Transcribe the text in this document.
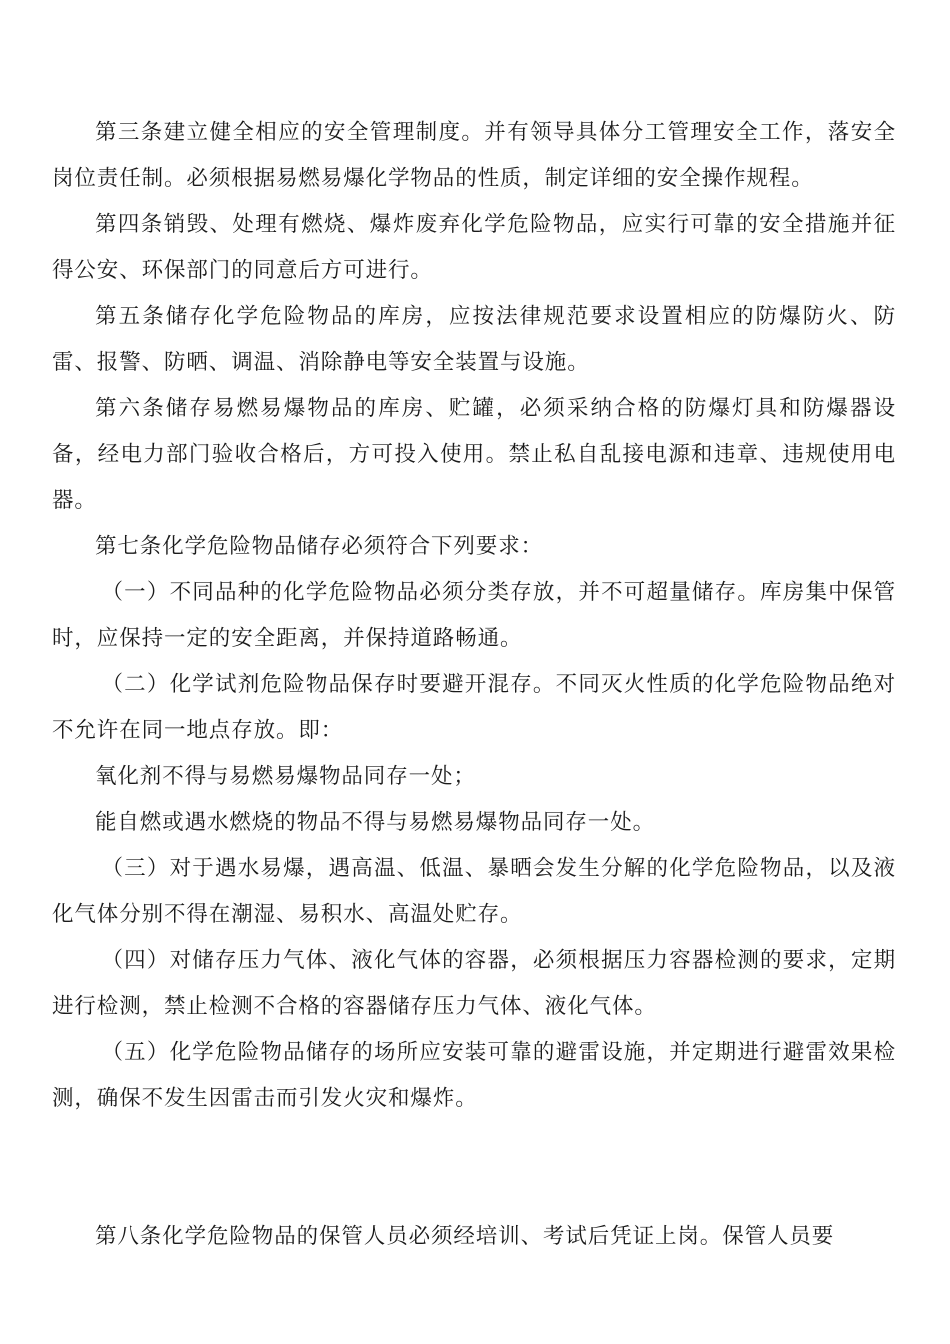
第三条建立健全相应的安全管理制度。并有领导具体分工管理安全工作，落安全岗位责任制。必须根据易燃易爆化学物品的性质，制定详细的安全操作规程。

第四条销毁、处理有燃烧、爆炸废弃化学危险物品，应实行可靠的安全措施并征得公安、环保部门的同意后方可进行。

第五条储存化学危险物品的库房，应按法律规范要求设置相应的防爆防火、防雷、报警、防晒、调温、消除静电等安全装置与设施。

第六条储存易燃易爆物品的库房、贮罐，必须采纳合格的防爆灯具和防爆器设备，经电力部门验收合格后，方可投入使用。禁止私自乱接电源和违章、违规使用电器。

第七条化学危险物品储存必须符合下列要求：

（一）不同品种的化学危险物品必须分类存放，并不可超量储存。库房集中保管时，应保持一定的安全距离，并保持道路畅通。

（二）化学试剂危险物品保存时要避开混存。不同灭火性质的化学危险物品绝对不允许在同一地点存放。即：

氧化剂不得与易燃易爆物品同存一处；

能自燃或遇水燃烧的物品不得与易燃易爆物品同存一处。

（三）对于遇水易爆，遇高温、低温、暴晒会发生分解的化学危险物品，以及液化气体分别不得在潮湿、易积水、高温处贮存。

（四）对储存压力气体、液化气体的容器，必须根据压力容器检测的要求，定期进行检测，禁止检测不合格的容器储存压力气体、液化气体。

（五）化学危险物品储存的场所应安装可靠的避雷设施，并定期进行避雷效果检测，确保不发生因雷击而引发火灾和爆炸。

第八条化学危险物品的保管人员必须经培训、考试后凭证上岗。保管人员要
